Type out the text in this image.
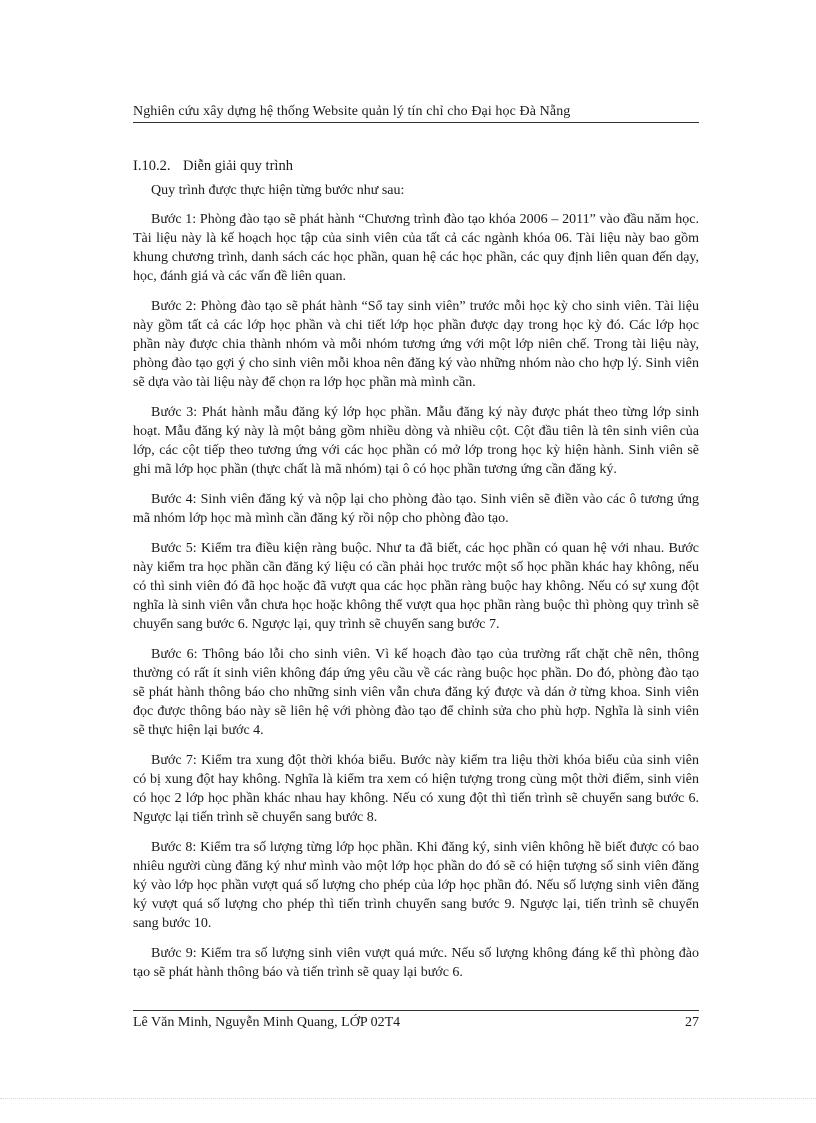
Nghiên cứu xây dựng hệ thống Website quản lý tín chỉ cho Đại học Đà Nẵng
I.10.2. Diễn giải quy trình

Quy trình được thực hiện từng bước như sau:

Bước 1: Phòng đào tạo sẽ phát hành “Chương trình đào tạo khóa 2006 – 2011” vào đầu năm học. Tài liệu này là kế hoạch học tập của sinh viên của tất cả các ngành khóa 06. Tài liệu này bao gồm khung chương trình, danh sách các học phần, quan hệ các học phần, các quy định liên quan đến dạy, học, đánh giá và các vấn đề liên quan.

Bước 2: Phòng đào tạo sẽ phát hành “Sổ tay sinh viên” trước mỗi học kỳ cho sinh viên. Tài liệu này gồm tất cả các lớp học phần và chi tiết lớp học phần được dạy trong học kỳ đó. Các lớp học phần này được chia thành nhóm và mỗi nhóm tương ứng với một lớp niên chế. Trong tài liệu này, phòng đào tạo gợi ý cho sinh viên mỗi khoa nên đăng ký vào những nhóm nào cho hợp lý. Sinh viên sẽ dựa vào tài liệu này để chọn ra lớp học phần mà mình cần.

Bước 3: Phát hành mẫu đăng ký lớp học phần. Mẫu đăng ký này được phát theo từng lớp sinh hoạt. Mẫu đăng ký này là một bảng gồm nhiều dòng và nhiều cột. Cột đầu tiên là tên sinh viên của lớp, các cột tiếp theo tương ứng với các học phần có mở lớp trong học kỳ hiện hành. Sinh viên sẽ ghi mã lớp học phần (thực chất là mã nhóm) tại ô có học phần tương ứng cần đăng ký.

Bước 4: Sinh viên đăng ký và nộp lại cho phòng đào tạo. Sinh viên sẽ điền vào các ô tương ứng mã nhóm lớp học mà mình cần đăng ký rồi nộp cho phòng đào tạo.

Bước 5: Kiểm tra điều kiện ràng buộc. Như ta đã biết, các học phần có quan hệ với nhau. Bước này kiểm tra học phần cần đăng ký liệu có cần phải học trước một số học phần khác hay không, nếu có thì sinh viên đó đã học hoặc đã vượt qua các học phần ràng buộc hay không. Nếu có sự xung đột nghĩa là sinh viên vẫn chưa học hoặc không thể vượt qua học phần ràng buộc thì phòng quy trình sẽ chuyển sang bước 6. Ngược lại, quy trình sẽ chuyển sang bước 7.

Bước 6: Thông báo lỗi cho sinh viên. Vì kế hoạch đào tạo của trường rất chặt chẽ nên, thông thường có rất ít sinh viên không đáp ứng yêu cầu về các ràng buộc học phần. Do đó, phòng đào tạo sẽ phát hành thông báo cho những sinh viên vẫn chưa đăng ký được và dán ở từng khoa. Sinh viên đọc được thông báo này sẽ liên hệ với phòng đào tạo để chỉnh sửa cho phù hợp. Nghĩa là sinh viên sẽ thực hiện lại bước 4.

Bước 7: Kiểm tra xung đột thời khóa biểu. Bước này kiểm tra liệu thời khóa biểu của sinh viên có bị xung đột hay không. Nghĩa là kiểm tra xem có hiện tượng trong cùng một thời điểm, sinh viên có học 2 lớp học phần khác nhau hay không. Nếu có xung đột thì tiến trình sẽ chuyển sang bước 6. Ngược lại tiến trình sẽ chuyển sang bước 8.

Bước 8: Kiểm tra số lượng từng lớp học phần. Khi đăng ký, sinh viên không hề biết được có bao nhiêu người cùng đăng ký như mình vào một lớp học phần do đó sẽ có hiện tượng số sinh viên đăng ký vào lớp học phần vượt quá số lượng cho phép của lớp học phần đó. Nếu số lượng sinh viên đăng ký vượt quá số lượng cho phép thì tiến trình chuyển sang bước 9. Ngược lại, tiến trình sẽ chuyển sang bước 10.

Bước 9: Kiểm tra số lượng sinh viên vượt quá mức. Nếu số lượng không đáng kể thì phòng đào tạo sẽ phát hành thông báo và tiến trình sẽ quay lại bước 6.

Lê Văn Minh, Nguyễn Minh Quang, LỚP 02T4	27
